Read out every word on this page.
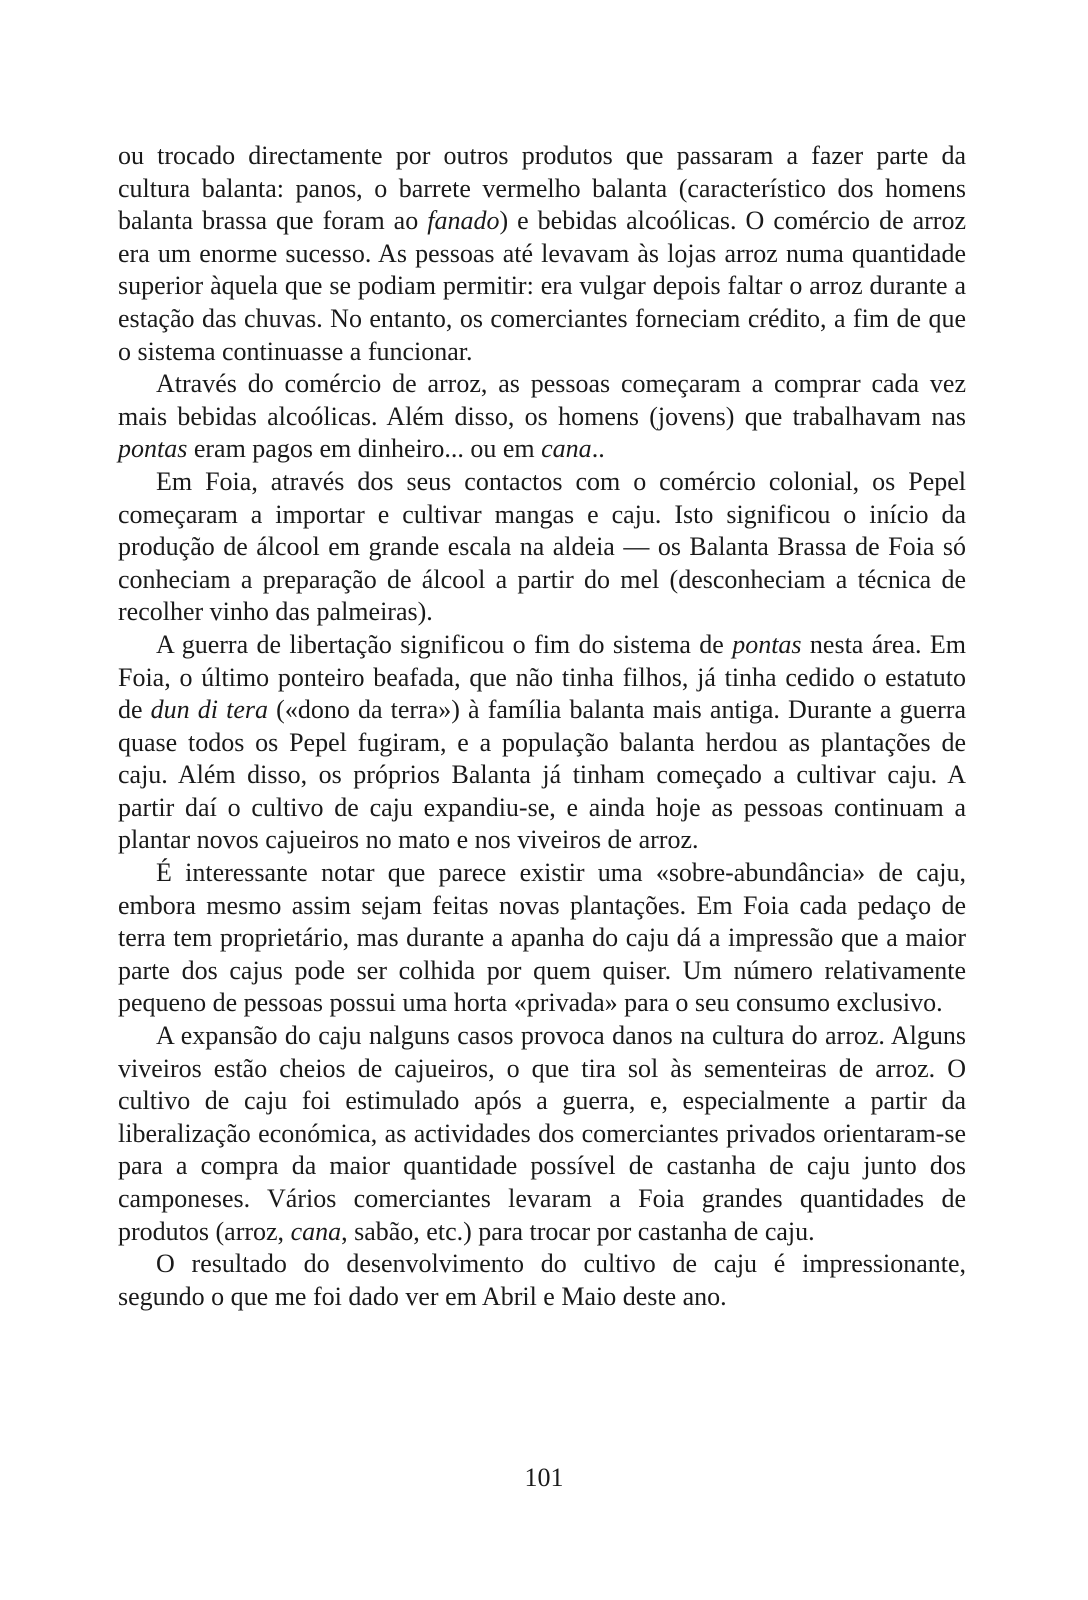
ou trocado directamente por outros produtos que passaram a fazer parte da cultura balanta: panos, o barrete vermelho balanta (característico dos homens balanta brassa que foram ao fanado) e bebidas alcoólicas. O comércio de arroz era um enorme sucesso. As pessoas até levavam às lojas arroz numa quantidade superior àquela que se podiam permitir: era vulgar depois faltar o arroz durante a estação das chuvas. No entanto, os comerciantes forneciam crédito, a fim de que o sistema continuasse a funcionar.

Através do comércio de arroz, as pessoas começaram a comprar cada vez mais bebidas alcoólicas. Além disso, os homens (jovens) que trabalhavam nas pontas eram pagos em dinheiro... ou em cana..

Em Foia, através dos seus contactos com o comércio colonial, os Pepel começaram a importar e cultivar mangas e caju. Isto significou o início da produção de álcool em grande escala na aldeia — os Balanta Brassa de Foia só conheciam a preparação de álcool a partir do mel (desconheciam a técnica de recolher vinho das palmeiras).

A guerra de libertação significou o fim do sistema de pontas nesta área. Em Foia, o último ponteiro beafada, que não tinha filhos, já tinha cedido o estatuto de dun di tera («dono da terra») à família balanta mais antiga. Durante a guerra quase todos os Pepel fugiram, e a população balanta herdou as plantações de caju. Além disso, os próprios Balanta já tinham começado a cultivar caju. A partir daí o cultivo de caju expandiu-se, e ainda hoje as pessoas continuam a plantar novos cajueiros no mato e nos viveiros de arroz.

É interessante notar que parece existir uma «sobre-abundância» de caju, embora mesmo assim sejam feitas novas plantações. Em Foia cada pedaço de terra tem proprietário, mas durante a apanha do caju dá a impressão que a maior parte dos cajus pode ser colhida por quem quiser. Um número relativamente pequeno de pessoas possui uma horta «privada» para o seu consumo exclusivo.

A expansão do caju nalguns casos provoca danos na cultura do arroz. Alguns viveiros estão cheios de cajueiros, o que tira sol às sementeiras de arroz. O cultivo de caju foi estimulado após a guerra, e, especialmente a partir da liberalização económica, as actividades dos comerciantes privados orientaram-se para a compra da maior quantidade possível de castanha de caju junto dos camponeses. Vários comerciantes levaram a Foia grandes quantidades de produtos (arroz, cana, sabão, etc.) para trocar por castanha de caju.

O resultado do desenvolvimento do cultivo de caju é impressionante, segundo o que me foi dado ver em Abril e Maio deste ano.

101
